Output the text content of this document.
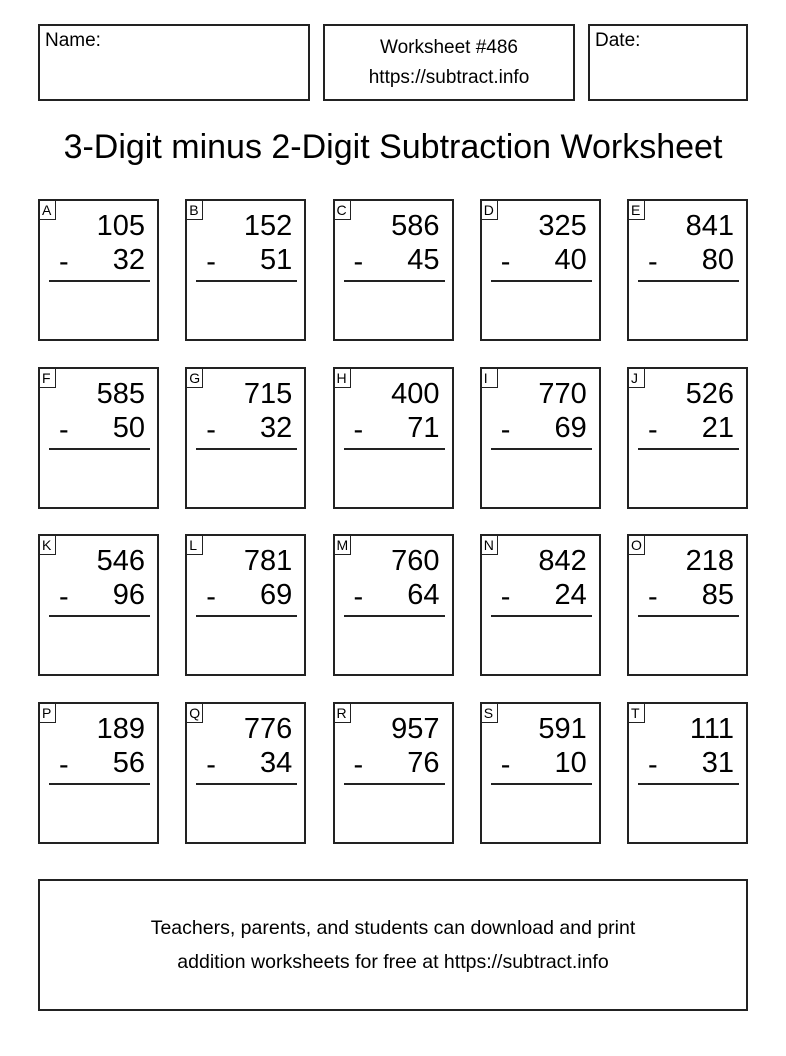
Name:	Worksheet #486
https://subtract.info
Date:
3-Digit minus 2-Digit Subtraction Worksheet
A 105
- 32
B 152
- 51
C 586
- 45
D 325
- 40
E 841
- 80
F 585
- 50
G 715
- 32
H 400
- 71
I	770
- 69
J 526
- 21
K 546
- 96
L 781
- 69
M 760
- 64
N 842
- 24
O 218
- 85
P 189
- 56
Q 776
- 34
R 957
- 76
S 591
- 10
T 111
- 31
Teachers, parents, and students can download and print
addition worksheets for free at https://subtract.info
